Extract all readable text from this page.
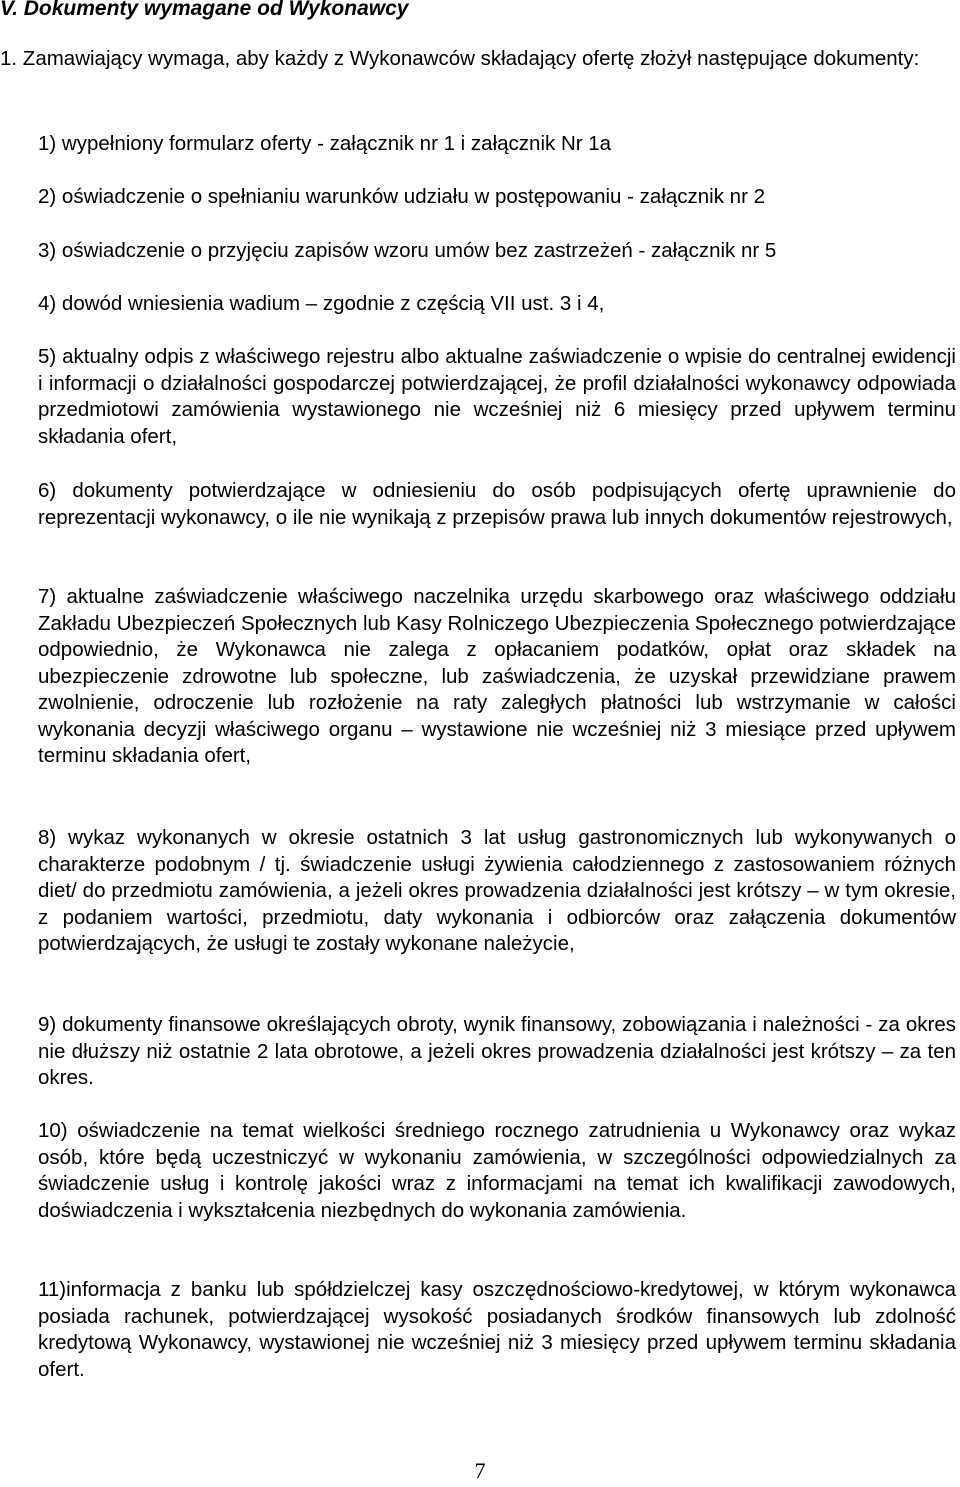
V. Dokumenty wymagane od Wykonawcy
1. Zamawiający wymaga, aby każdy z Wykonawców składający ofertę złożył następujące dokumenty:
1) wypełniony formularz oferty - załącznik nr 1 i załącznik Nr 1a
2) oświadczenie o spełnianiu warunków udziału w postępowaniu - załącznik nr 2
3) oświadczenie o przyjęciu zapisów wzoru umów bez zastrzeżeń - załącznik nr 5
4) dowód wniesienia wadium – zgodnie z częścią VII ust. 3 i 4,
5) aktualny odpis z właściwego rejestru albo aktualne zaświadczenie o wpisie do centralnej ewidencji i informacji o działalności gospodarczej potwierdzającej, że profil działalności wykonawcy odpowiada przedmiotowi zamówienia wystawionego nie wcześniej niż 6 miesięcy przed upływem terminu składania ofert,
6) dokumenty potwierdzające w odniesieniu do osób podpisujących ofertę uprawnienie do reprezentacji wykonawcy, o ile nie wynikają z przepisów prawa lub innych dokumentów rejestrowych,
7) aktualne zaświadczenie właściwego naczelnika urzędu skarbowego oraz właściwego oddziału Zakładu Ubezpieczeń Społecznych lub Kasy Rolniczego Ubezpieczenia Społecznego potwierdzające odpowiednio, że Wykonawca nie zalega z opłacaniem podatków, opłat oraz składek na ubezpieczenie zdrowotne lub społeczne, lub zaświadczenia, że uzyskał przewidziane prawem zwolnienie, odroczenie lub rozłożenie na raty zaległych płatności lub wstrzymanie w całości wykonania decyzji właściwego organu – wystawione nie wcześniej niż 3 miesiące przed upływem terminu składania ofert,
8) wykaz wykonanych w okresie ostatnich 3 lat usług gastronomicznych lub wykonywanych o charakterze podobnym / tj. świadczenie usługi żywienia całodziennego z zastosowaniem różnych diet/ do przedmiotu zamówienia, a jeżeli okres prowadzenia działalności jest krótszy – w tym okresie, z podaniem wartości, przedmiotu, daty wykonania i odbiorców oraz załączenia dokumentów potwierdzających, że usługi te zostały wykonane należycie,
9) dokumenty finansowe określających obroty, wynik finansowy, zobowiązania i należności - za okres nie dłuższy niż ostatnie 2 lata obrotowe, a jeżeli okres prowadzenia działalności jest krótszy – za ten okres.
10) oświadczenie na temat wielkości średniego rocznego zatrudnienia u Wykonawcy oraz wykaz osób, które będą uczestniczyć w wykonaniu zamówienia, w szczególności odpowiedzialnych za świadczenie usług i kontrolę jakości wraz z informacjami na temat ich kwalifikacji zawodowych, doświadczenia i wykształcenia niezbędnych do wykonania zamówienia.
11)informacja z banku lub spółdzielczej kasy oszczędnościowo-kredytowej, w którym wykonawca posiada rachunek, potwierdzającej wysokość posiadanych środków finansowych lub zdolność kredytową Wykonawcy, wystawionej nie wcześniej niż 3 miesięcy przed upływem terminu składania ofert.
7
